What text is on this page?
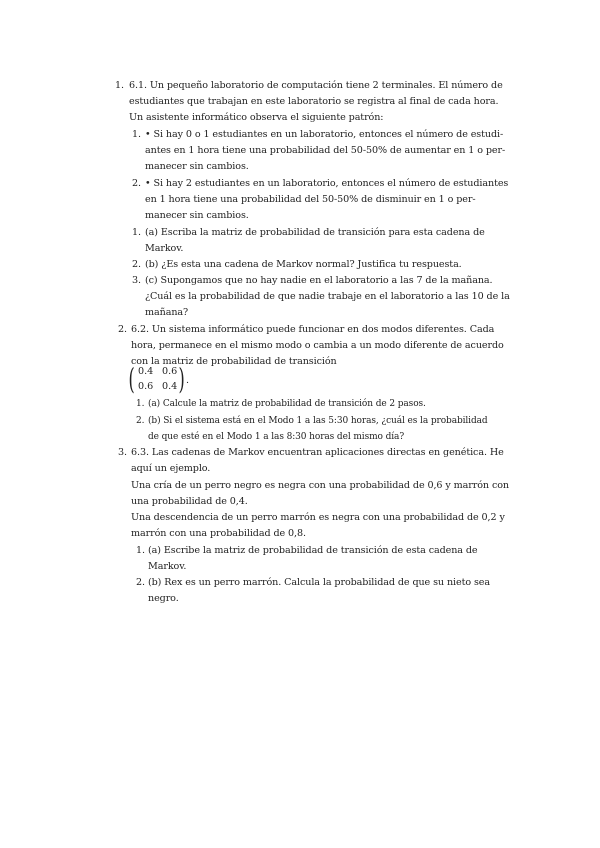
1. 6.1. Un pequeño laboratorio de computación tiene 2 terminales. El número de
estudiantes que trabajan en este laboratorio se registra al final de cada hora.
Un asistente informático observa el siguiente patrón:
1. • Si hay 0 o 1 estudiantes en un laboratorio, entonces el número de estudi-
antes en 1 hora tiene una probabilidad del 50-50% de aumentar en 1 o per-
manecer sin cambios.
2. • Si hay 2 estudiantes en un laboratorio, entonces el número de estudiantes
en 1 hora tiene una probabilidad del 50-50% de disminuir en 1 o per-
manecer sin cambios.
1. (a) Escriba la matriz de probabilidad de transición para esta cadena de
Markov.
2. (b) ¿Es esta una cadena de Markov normal? Justifica tu respuesta.
3. (c) Supongamos que no hay nadie en el laboratorio a las 7 de la mañana.
¿Cuál es la probabilidad de que nadie trabaje en el laboratorio a las 10 de la
mañana?
2. 6.2. Un sistema informático puede funcionar en dos modos diferentes. Cada
hora, permanece en el mismo modo o cambia a un modo diferente de acuerdo
con la matriz de probabilidad de transición
( 0.4 0.6
0.6 0.4 ) .
1. (a) Calcule la matriz de probabilidad de transición de 2 pasos.
2. (b) Si el sistema está en el Modo 1 a las 5:30 horas, ¿cuál es la probabilidad
de que esté en el Modo 1 a las 8:30 horas del mismo día?
3. 6.3. Las cadenas de Markov encuentran aplicaciones directas en genética. He
aquí un ejemplo.
Una cría de un perro negro es negra con una probabilidad de 0,6 y marrón con
una probabilidad de 0,4.
Una descendencia de un perro marrón es negra con una probabilidad de 0,2 y
marrón con una probabilidad de 0,8.
1. (a) Escribe la matriz de probabilidad de transición de esta cadena de
Markov.
2. (b) Rex es un perro marrón. Calcula la probabilidad de que su nieto sea
negro.
